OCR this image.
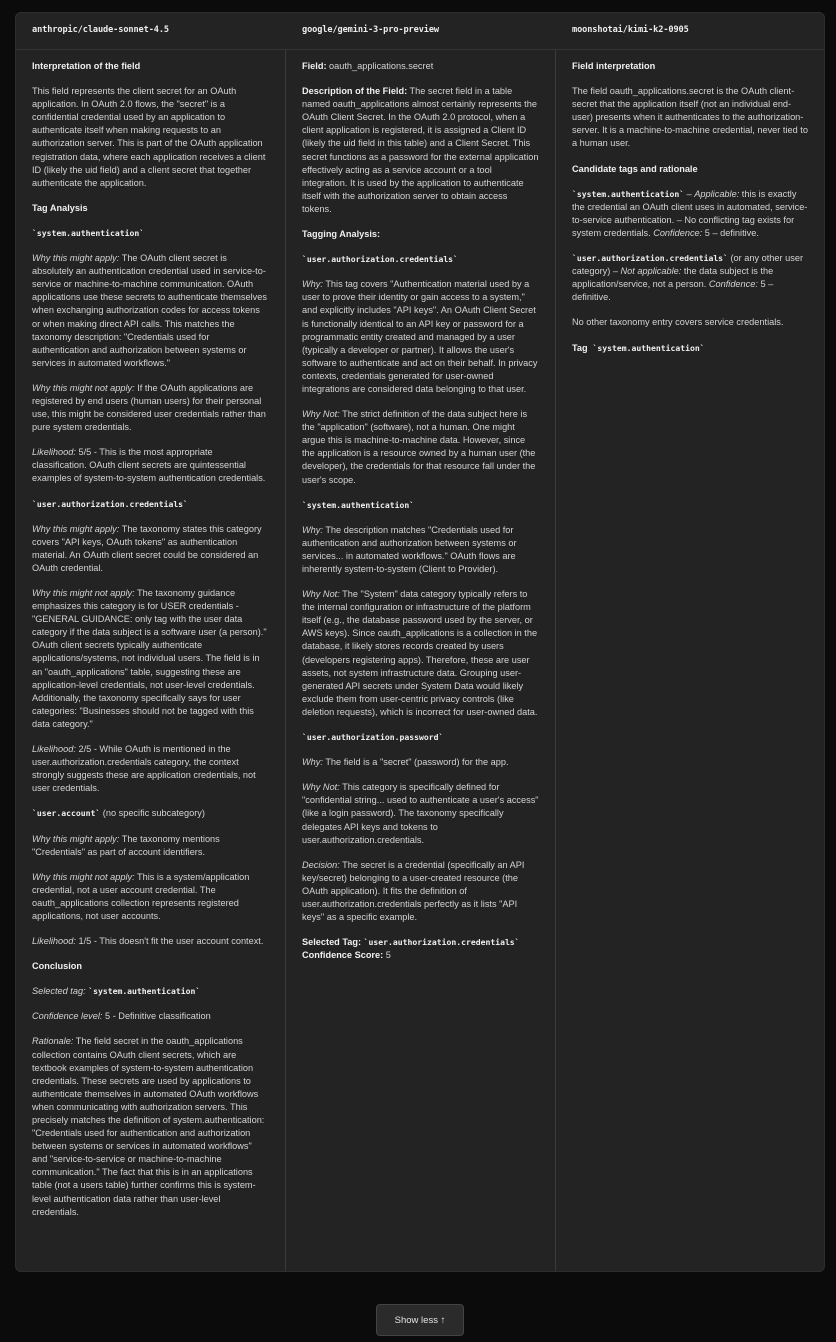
anthropic/claude-sonnet-4.5	google/gemini-3-pro-preview	moonshotai/kimi-k2-0905

Interpretation of the field

This field represents the client secret for an OAuth application. In OAuth 2.0 flows, the "secret" is a confidential credential used by an application to authenticate itself when making requests to an authorization server. This is part of the OAuth application registration data, where each application receives a client ID (likely the uid field) and a client secret that together authenticate the application.

Tag Analysis

`system.authentication`

Why this might apply: The OAuth client secret is absolutely an authentication credential used in service-to-service or machine-to-machine communication. OAuth applications use these secrets to authenticate themselves when exchanging authorization codes for access tokens or when making direct API calls. This matches the taxonomy description: "Credentials used for authentication and authorization between systems or services in automated workflows."

Why this might not apply: If the OAuth applications are registered by end users (human users) for their personal use, this might be considered user credentials rather than pure system credentials.

Likelihood: 5/5 - This is the most appropriate classification. OAuth client secrets are quintessential examples of system-to-system authentication credentials.

`user.authorization.credentials`

Why this might apply: The taxonomy states this category covers "API keys, OAuth tokens" as authentication material. An OAuth client secret could be considered an OAuth credential.

Why this might not apply: The taxonomy guidance emphasizes this category is for USER credentials - "GENERAL GUIDANCE: only tag with the user data category if the data subject is a software user (a person)." OAuth client secrets typically authenticate applications/systems, not individual users. The field is in an "oauth_applications" table, suggesting these are application-level credentials, not user-level credentials. Additionally, the taxonomy specifically says for user categories: "Businesses should not be tagged with this data category."

Likelihood: 2/5 - While OAuth is mentioned in the user.authorization.credentials category, the context strongly suggests these are application credentials, not user credentials.

`user.account` (no specific subcategory)

Why this might apply: The taxonomy mentions "Credentials" as part of account identifiers.

Why this might not apply: This is a system/application credential, not a user account credential. The oauth_applications collection represents registered applications, not user accounts.

Likelihood: 1/5 - This doesn't fit the user account context.

Conclusion

Selected tag: `system.authentication`

Confidence level: 5 - Definitive classification

Rationale: The field secret in the oauth_applications collection contains OAuth client secrets, which are textbook examples of system-to-system authentication credentials. These secrets are used by applications to authenticate themselves in automated OAuth workflows when communicating with authorization servers. This precisely matches the definition of system.authentication: "Credentials used for authentication and authorization between systems or services in automated workflows" and "service-to-service or machine-to-machine communication." The fact that this is in an applications table (not a users table) further confirms this is system-level authentication data rather than user-level credentials.

Field: oauth_applications.secret

Description of the Field: The secret field in a table named oauth_applications almost certainly represents the OAuth Client Secret. In the OAuth 2.0 protocol, when a client application is registered, it is assigned a Client ID (likely the uid field in this table) and a Client Secret. This secret functions as a password for the external application effectively acting as a service account or a tool integration. It is used by the application to authenticate itself with the authorization server to obtain access tokens.

Tagging Analysis:

`user.authorization.credentials`

Why: This tag covers "Authentication material used by a user to prove their identity or gain access to a system," and explicitly includes "API keys". An OAuth Client Secret is functionally identical to an API key or password for a programmatic entity created and managed by a user (typically a developer or partner). It allows the user's software to authenticate and act on their behalf. In privacy contexts, credentials generated for user-owned integrations are considered data belonging to that user.

Why Not: The strict definition of the data subject here is the "application" (software), not a human. One might argue this is machine-to-machine data. However, since the application is a resource owned by a human user (the developer), the credentials for that resource fall under the user's scope.

`system.authentication`

Why: The description matches "Credentials used for authentication and authorization between systems or services... in automated workflows." OAuth flows are inherently system-to-system (Client to Provider).

Why Not: The "System" data category typically refers to the internal configuration or infrastructure of the platform itself (e.g., the database password used by the server, or AWS keys). Since oauth_applications is a collection in the database, it likely stores records created by users (developers registering apps). Therefore, these are user assets, not system infrastructure data. Grouping user-generated API secrets under System Data would likely exclude them from user-centric privacy controls (like deletion requests), which is incorrect for user-owned data.

`user.authorization.password`

Why: The field is a "secret" (password) for the app.

Why Not: This category is specifically defined for "confidential string... used to authenticate a user's access" (like a login password). The taxonomy specifically delegates API keys and tokens to user.authorization.credentials.

Decision: The secret is a credential (specifically an API key/secret) belonging to a user-created resource (the OAuth application). It fits the definition of user.authorization.credentials perfectly as it lists "API keys" as a specific example.

Selected Tag: `user.authorization.credentials`
Confidence Score: 5

Field interpretation

The field oauth_applications.secret is the OAuth client-secret that the application itself (not an individual end-user) presents when it authenticates to the authorization-server. It is a machine-to-machine credential, never tied to a human user.

Candidate tags and rationale

`system.authentication` – Applicable: this is exactly the credential an OAuth client uses in automated, service-to-service authentication. – No conflicting tag exists for system credentials. Confidence: 5 – definitive.

`user.authorization.credentials` (or any other user category) – Not applicable: the data subject is the application/service, not a person. Confidence: 5 – definitive.

No other taxonomy entry covers service credentials.

Tag `system.authentication`

Show less ↑
